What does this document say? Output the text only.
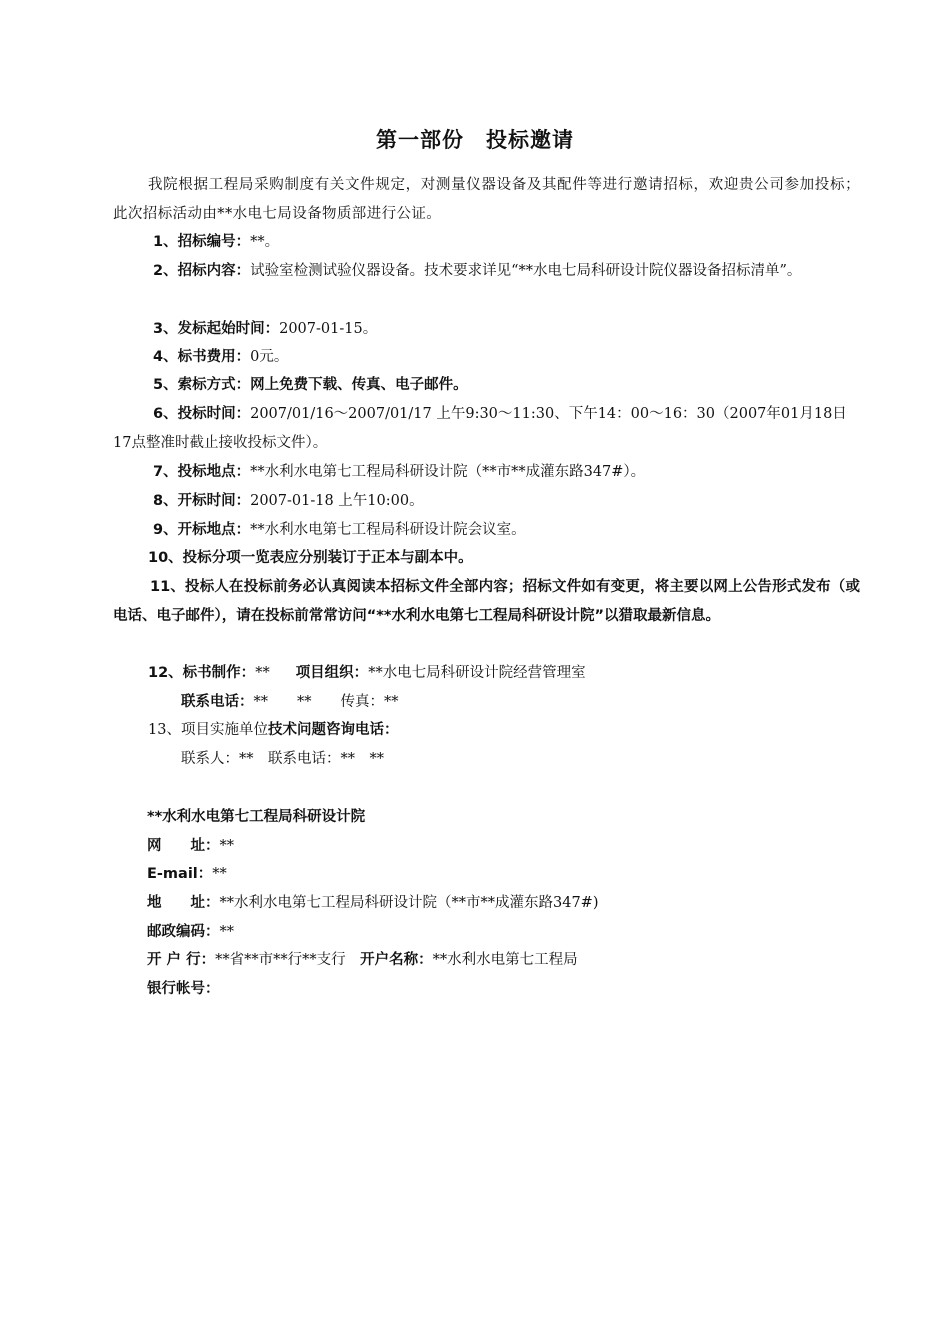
第一部份　投标邀请
我院根据工程局采购制度有关文件规定，对测量仪器设备及其配件等进行邀请招标，欢迎贵公司参加投标；此次招标活动由**水电七局设备物质部进行公证。
1、招标编号：**。
2、招标内容：试验室检测试验仪器设备。技术要求详见“**水电七局科研设计院仪器设备招标清单”。
3、发标起始时间：2007-01-15。
4、标书费用：0元。
5、索标方式：网上免费下载、传真、电子邮件。
6、投标时间：2007/01/16～2007/01/17 上午9:30～11:30、下午14：00～16：30（2007年01月18日17点整准时截止接收投标文件）。
7、投标地点：**水利水电第七工程局科研设计院（**市**成灌东路347#）。
8、开标时间：2007-01-18 上午10:00。
9、开标地点：**水利水电第七工程局科研设计院会议室。
10、投标分项一览表应分别装订于正本与副本中。
11、投标人在投标前务必认真阅读本招标文件全部内容；招标文件如有变更，将主要以网上公告形式发布（或电话、电子邮件），请在投标前常常访问“**水利水电第七工程局科研设计院”以猎取最新信息。
12、标书制作：** 项目组织：**水电七局科研设计院经营管理室
联系电话：**　　**　　传真：**
13、项目实施单位技术问题咨询电话：
联系人：**　联系电话：**　**
**水利水电第七工程局科研设计院
网　　址：**
E-mail：**
地　　址：**水利水电第七工程局科研设计院（**市**成灌东路347#)
邮政编码：**
开 户 行：**省**市**行**支行　开户名称：**水利水电第七工程局
银行帐号：
